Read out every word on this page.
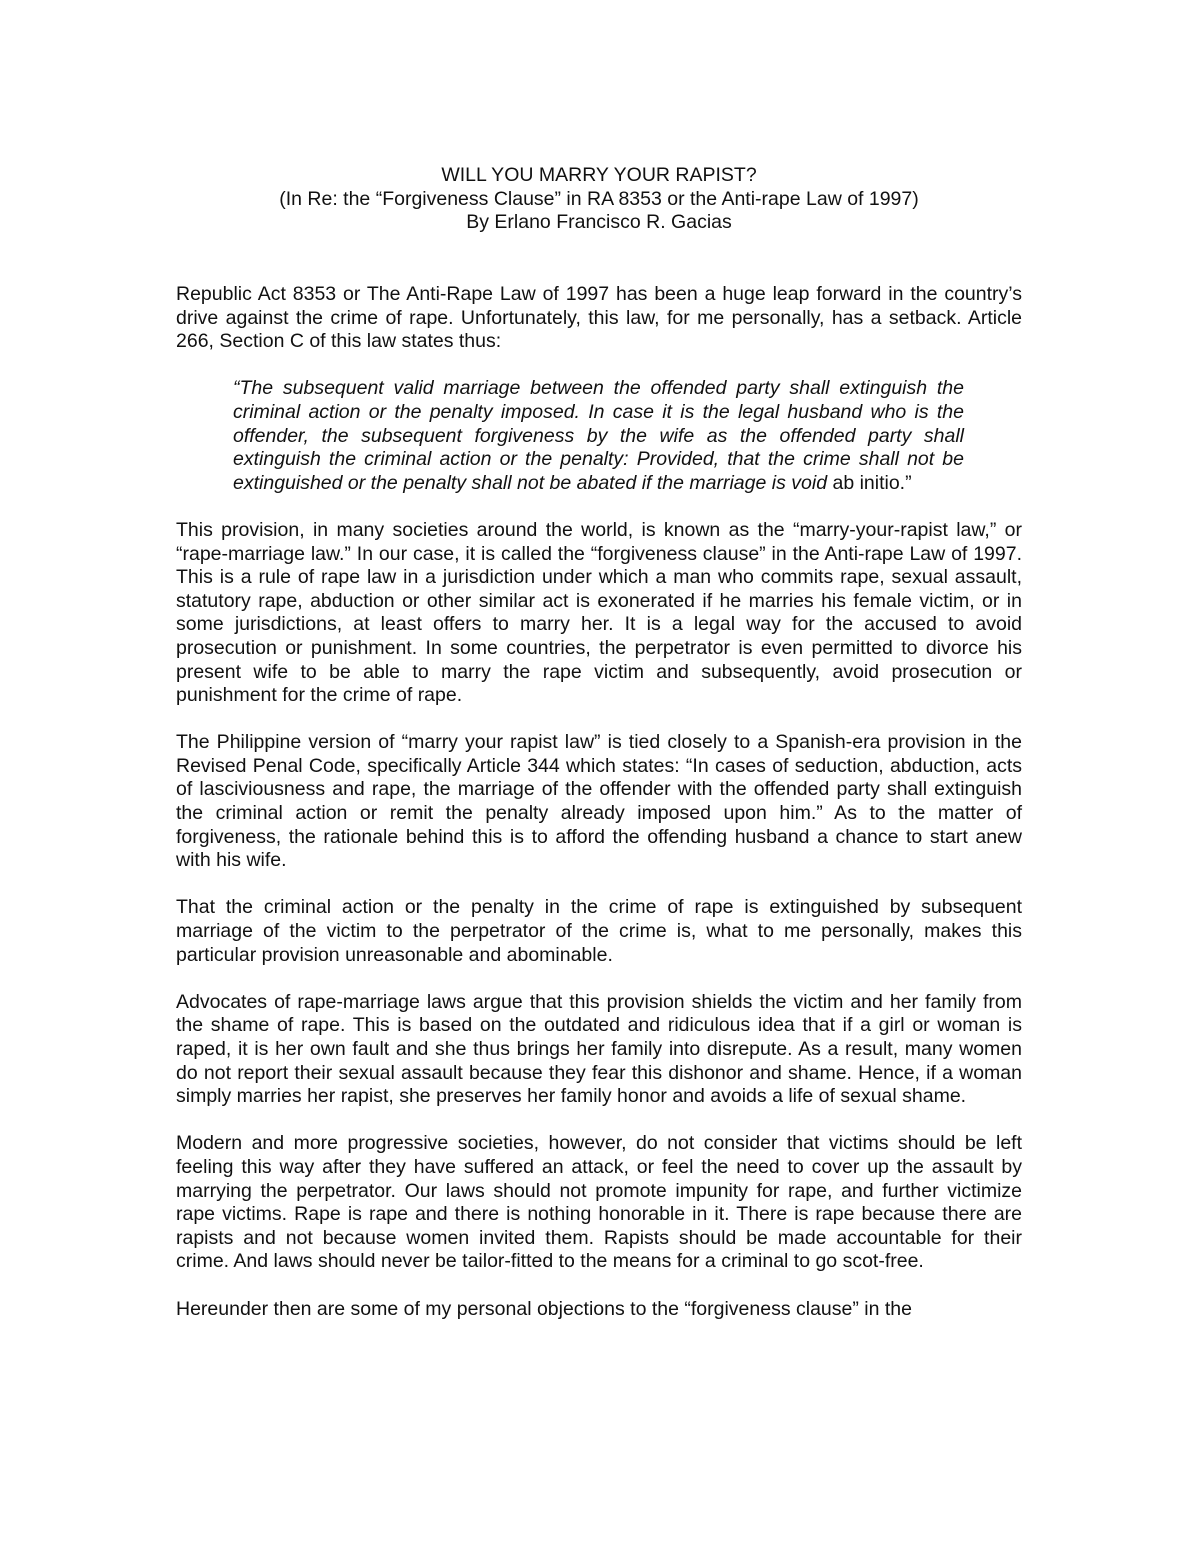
WILL YOU MARRY YOUR RAPIST?
(In Re: the “Forgiveness Clause” in RA 8353 or the Anti-rape Law of 1997)
By Erlano Francisco R. Gacias

Republic Act 8353 or The Anti-Rape Law of 1997 has been a huge leap forward in the country’s drive against the crime of rape. Unfortunately, this law, for me personally, has a setback. Article 266, Section C of this law states thus:

“The subsequent valid marriage between the offended party shall extinguish the criminal action or the penalty imposed. In case it is the legal husband who is the offender, the subsequent forgiveness by the wife as the offended party shall extinguish the criminal action or the penalty: Provided, that the crime shall not be extinguished or the penalty shall not be abated if the marriage is void ab initio.”

This provision, in many societies around the world, is known as the “marry-your-rapist law,” or “rape-marriage law.” In our case, it is called the “forgiveness clause” in the Anti-rape Law of 1997. This is a rule of rape law in a jurisdiction under which a man who commits rape, sexual assault, statutory rape, abduction or other similar act is exonerated if he marries his female victim, or in some jurisdictions, at least offers to marry her. It is a legal way for the accused to avoid prosecution or punishment. In some countries, the perpetrator is even permitted to divorce his present wife to be able to marry the rape victim and subsequently, avoid prosecution or punishment for the crime of rape.

The Philippine version of “marry your rapist law” is tied closely to a Spanish-era provision in the Revised Penal Code, specifically Article 344 which states: “In cases of seduction, abduction, acts of lasciviousness and rape, the marriage of the offender with the offended party shall extinguish the criminal action or remit the penalty already imposed upon him.” As to the matter of forgiveness, the rationale behind this is to afford the offending husband a chance to start anew with his wife.

That the criminal action or the penalty in the crime of rape is extinguished by subsequent marriage of the victim to the perpetrator of the crime is, what to me personally, makes this particular provision unreasonable and abominable.

Advocates of rape-marriage laws argue that this provision shields the victim and her family from the shame of rape. This is based on the outdated and ridiculous idea that if a girl or woman is raped, it is her own fault and she thus brings her family into disrepute. As a result, many women do not report their sexual assault because they fear this dishonor and shame. Hence, if a woman simply marries her rapist, she preserves her family honor and avoids a life of sexual shame.

Modern and more progressive societies, however, do not consider that victims should be left feeling this way after they have suffered an attack, or feel the need to cover up the assault by marrying the perpetrator. Our laws should not promote impunity for rape, and further victimize rape victims. Rape is rape and there is nothing honorable in it. There is rape because there are rapists and not because women invited them. Rapists should be made accountable for their crime. And laws should never be tailor-fitted to the means for a criminal to go scot-free.

Hereunder then are some of my personal objections to the “forgiveness clause” in the
